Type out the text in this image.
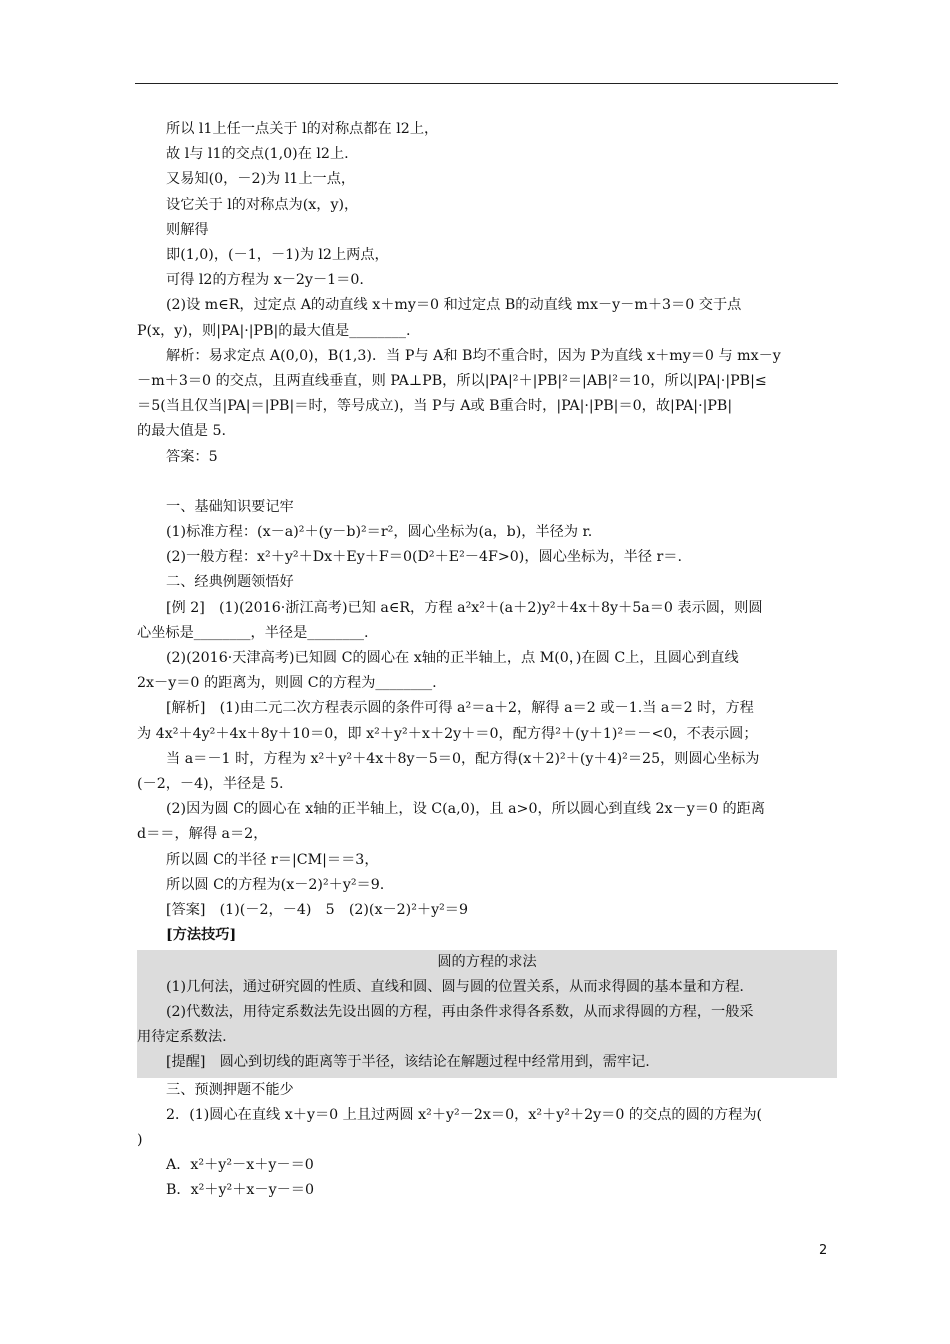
所以 l1上任一点关于 l的对称点都在 l2上，
故 l与 l1的交点(1,0)在 l2上.
又易知(0，－2)为 l1上一点，
设它关于 l的对称点为(x，y)，
则解得
即(1,0)，(－1，－1)为 l2上两点，
可得 l2的方程为 x－2y－1＝0.
(2)设 m∈R，过定点 A的动直线 x＋my＝0 和过定点 B的动直线 mx－y－m＋3＝0 交于点
P(x，y)，则|PA|·|PB|的最大值是________.
解析：易求定点 A(0,0)，B(1,3)．当 P与 A和 B均不重合时，因为 P为直线 x＋my＝0 与 mx－y
－m＋3＝0 的交点，且两直线垂直，则 PA⊥PB，所以|PA|²＋|PB|²＝|AB|²＝10，所以|PA|·|PB|≤
＝5(当且仅当|PA|＝|PB|＝时，等号成立)，当 P与 A或 B重合时，|PA|·|PB|＝0，故|PA|·|PB|
的最大值是 5.
答案：5
一、基础知识要记牢
(1)标准方程：(x－a)²＋(y－b)²＝r²，圆心坐标为(a，b)，半径为 r.
(2)一般方程：x²＋y²＋Dx＋Ey＋F＝0(D²＋E²－4F>0)，圆心坐标为，半径 r＝.
二、经典例题领悟好
[例 2]　(1)(2016·浙江高考)已知 a∈R，方程 a²x²＋(a＋2)y²＋4x＋8y＋5a＝0 表示圆，则圆
心坐标是________，半径是________.
(2)(2016·天津高考)已知圆 C的圆心在 x轴的正半轴上，点 M(0，)在圆 C上，且圆心到直线
2x－y＝0 的距离为，则圆 C的方程为________.
[解析]　(1)由二元二次方程表示圆的条件可得 a²＝a＋2，解得 a＝2 或－1.当 a＝2 时，方程
为 4x²＋4y²＋4x＋8y＋10＝0，即 x²＋y²＋x＋2y＋＝0，配方得²＋(y＋1)²＝－<0，不表示圆；
当 a＝－1 时，方程为 x²＋y²＋4x＋8y－5＝0，配方得(x＋2)²＋(y＋4)²＝25，则圆心坐标为
(－2，－4)，半径是 5.
(2)因为圆 C的圆心在 x轴的正半轴上，设 C(a,0)，且 a>0，所以圆心到直线 2x－y＝0 的距离
d＝＝，解得 a＝2，
所以圆 C的半径 r＝|CM|＝＝3，
所以圆 C的方程为(x－2)²＋y²＝9.
[答案]　(1)(－2，－4)　5　(2)(x－2)²＋y²＝9
[方法技巧]
圆的方程的求法
(1)几何法，通过研究圆的性质、直线和圆、圆与圆的位置关系，从而求得圆的基本量和方程.
(2)代数法，用待定系数法先设出圆的方程，再由条件求得各系数，从而求得圆的方程，一般采
用待定系数法.
[提醒]　圆心到切线的距离等于半径，该结论在解题过程中经常用到，需牢记.
三、预测押题不能少
2．(1)圆心在直线 x＋y＝0 上且过两圆 x²＋y²－2x＝0，x²＋y²＋2y＝0 的交点的圆的方程为(
)
A．x²＋y²－x＋y－＝0
B．x²＋y²＋x－y－＝0
2
